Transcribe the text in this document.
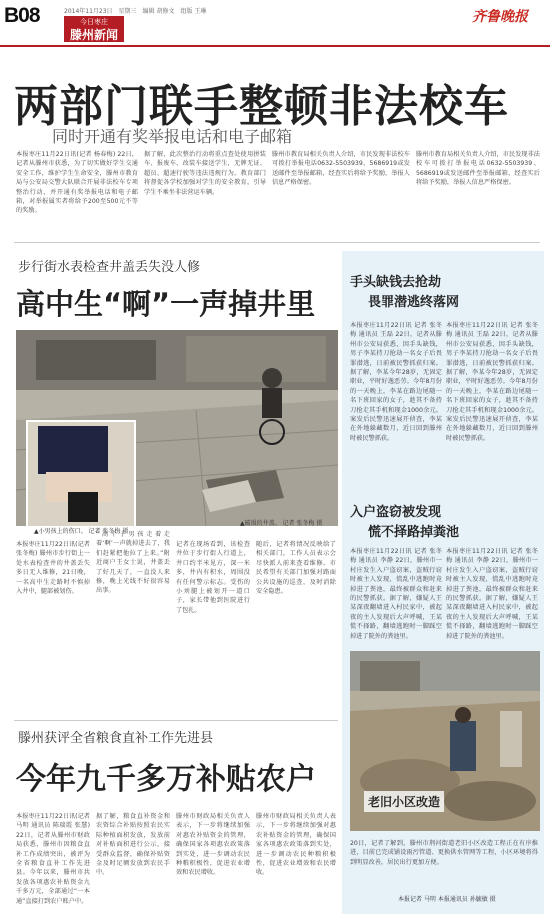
B08	2014年11月23日　星期三　编辑 胡修文　组版 王琳
今日枣庄
滕州新闻
齐鲁晚报
两部门联手整顿非法校车
同时开通有奖举报电话和电子邮箱
本报枣庄11月22日讯(记者 杨春梅) 22日，记者从滕州市获悉，为了切实做好学生交通安全工作，维护学生生命安全，滕州市教育局与公安局交警大队联合开展非法校车专项整治行动，并开通有奖举报电话和电子邮箱，对举报属实者将给予200至500元不等的奖励。
据了解，此次整治行动将重点查处使用拼装车、报废车、改装车接送学生，无牌无证、超员、超速行驶等违法违规行为。教育部门将督促各学校加强对学生的安全教育，引导学生不乘坐非法营运车辆。
滕州市教育局相关负责人介绍，市民发现非法校车可拨打举报电话0632-5503939、5686919或发送邮件至举报邮箱，经查实后将给予奖励，举报人信息严格保密。
滕州市教育局相关负责人介绍，市民发现非法校车可拨打举报电话0632-5503939、5686919或发送邮件至举报邮箱，经查实后将给予奖励，举报人信息严格保密。
步行街水表检查井盖丢失没人修
高中生“啊”一声掉井里
▲破损的井盖。 记者 张冬梅 摄
▲小男孩上的伤口。 记者 张冬梅 摄
本报枣庄11月22日讯(记者 张冬梅) 滕州市步行街上一处水表检查井的井盖丢失多日无人维修，21日晚，一名高中生走路时不慎掉入井中，腿部被划伤。
“高个子男孩走着走着‘啊’一声就掉进去了，我们赶紧把他拉了上来。”附近商户王女士说，井盖丢了好几天了，一直没人来修，晚上光线不好很容易出事。
记者在现场看到，该检查井位于步行街人行道上，井口约半米见方，深一米多，井内有积水，周围没有任何警示标志。受伤的小刘腿上被划开一道口子，家长带他到医院进行了包扎。
随后，记者将情况反映给了相关部门，工作人员表示会尽快派人前来查看维修。市民希望有关部门加强对路面公共设施的巡查，及时消除安全隐患。
手头缺钱去抢劫
畏罪潜逃终落网
本报枣庄11月22日讯 记者 张冬梅 通讯员 王磊 22日，记者从滕州市公安局获悉，因手头缺钱，男子李某持刀抢劫一名女子后畏罪潜逃，日前被民警抓获归案。据了解，李某今年28岁，无固定职业，平时好逸恶劳。今年8月份的一天晚上，李某在路边尾随一名下班回家的女子，趁其不备持刀抢走其手机和现金1000余元。案发后民警迅速展开侦查，李某在外地躲藏数月，近日回到滕州时被民警抓获。
本报枣庄11月22日讯 记者 张冬梅 通讯员 王磊 22日，记者从滕州市公安局获悉，因手头缺钱，男子李某持刀抢劫一名女子后畏罪潜逃，日前被民警抓获归案。据了解，李某今年28岁，无固定职业，平时好逸恶劳。今年8月份的一天晚上，李某在路边尾随一名下班回家的女子，趁其不备持刀抢走其手机和现金1000余元。案发后民警迅速展开侦查，李某在外地躲藏数月，近日回到滕州时被民警抓获。
入户盗窃被发现
慌不择路掉粪池
本报枣庄11月22日讯 记者 张冬梅 通讯员 李静 22日，滕州市一村庄发生入户盗窃案，盗贼行窃时被主人发现，慌乱中逃跑时竟掉进了粪池，最终被群众和赶来的民警抓获。据了解，嫌疑人王某深夜翻墙进入村民家中，被起夜的主人发现后大声呼喊，王某慌不择路，翻墙逃跑时一脚踩空掉进了院外的粪池里。
本报枣庄11月22日讯 记者 张冬梅 通讯员 李静 22日，滕州市一村庄发生入户盗窃案，盗贼行窃时被主人发现，慌乱中逃跑时竟掉进了粪池，最终被群众和赶来的民警抓获。据了解，嫌疑人王某深夜翻墙进入村民家中，被起夜的主人发现后大声呼喊，王某慌不择路，翻墙逃跑时一脚踩空掉进了院外的粪池里。
老旧小区改造
20日，记者了解到，滕州市荆河街道老旧小区改造工程正在有序推进，目前已完成铺设雨污管道、更换供水管网等工程，小区环境将得到明显改善，居民出行更加方便。
本报记者 马明 本报通讯员 孙毓敏 摄
滕州获评全省粮食直补工作先进县
今年九千多万补贴农户
本报枣庄11月22日讯(记者 马明 通讯员 陈瑞霞 张慧) 22日，记者从滕州市财政局获悉，滕州市因粮食直补工作成绩突出，被评为全省粮食直补工作先进县。今年以来，滕州市共发放各项惠农补贴资金九千多万元，全部通过“一本通”直接打到农户账户中。
据了解，粮食直补资金和农资综合补贴按照农民实际种植面积发放，发放前对补贴面积进行公示，接受群众监督，确保补贴资金及时足额发放到农民手中。
滕州市财政局相关负责人表示，下一步将继续加强对惠农补贴资金的管理，确保国家各项惠农政策落到实处，进一步调动农民种粮积极性，促进农业增效和农民增收。
滕州市财政局相关负责人表示，下一步将继续加强对惠农补贴资金的管理，确保国家各项惠农政策落到实处，进一步调动农民种粮积极性，促进农业增效和农民增收。
